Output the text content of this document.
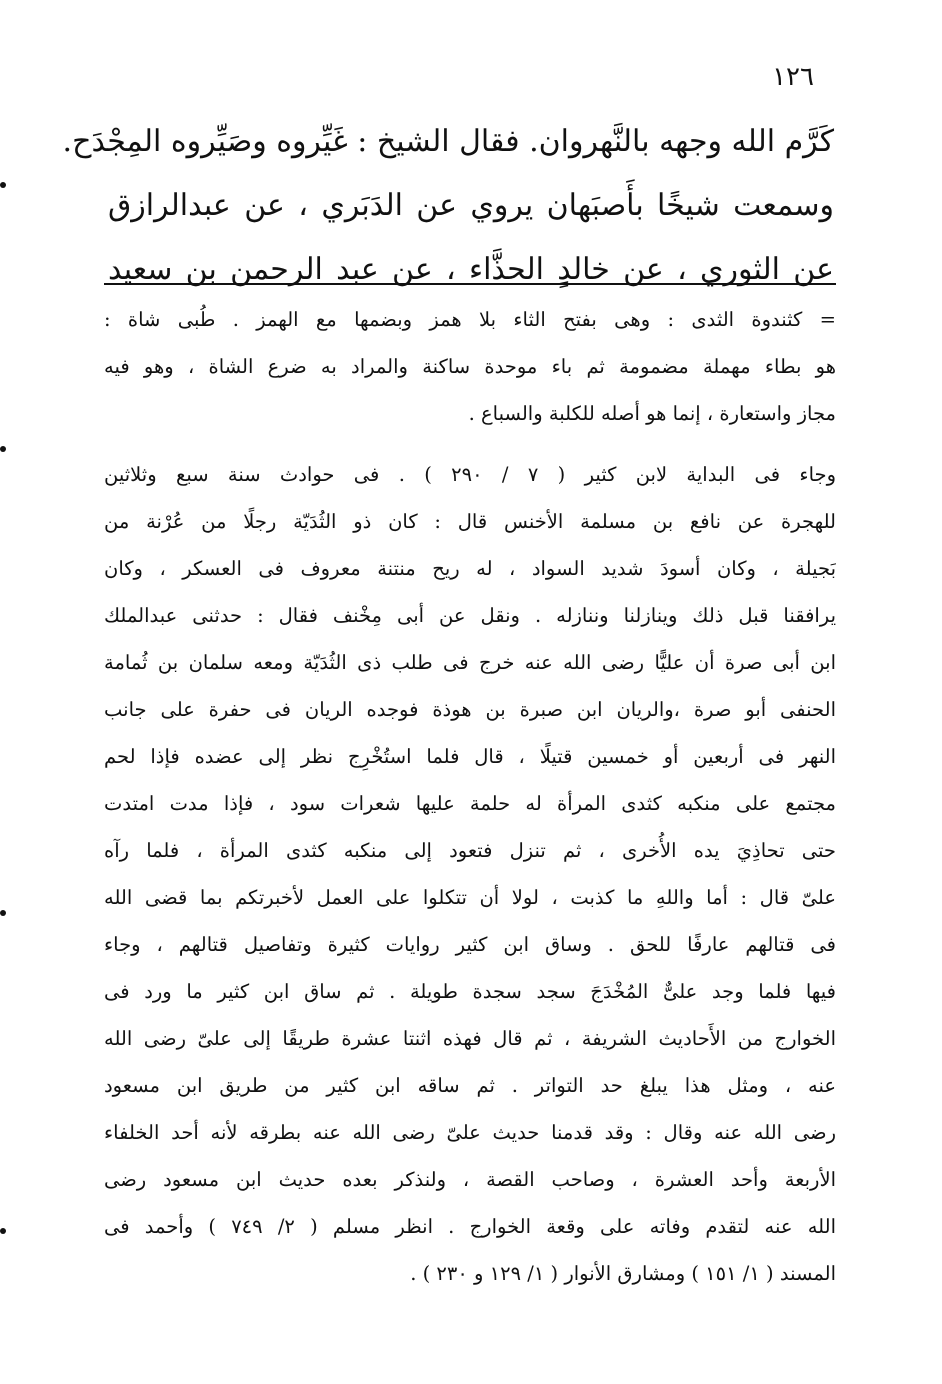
١٢٦
كَرَّم الله وجهه بالنَّهروان. فقال الشيخ : غَيِّروه وصَيِّروه المِجْدَح.
وسمعت شيخًا بأَصبَهان يروي عن الدَبَري ، عن عبدالرازق
عن الثوري ، عن خالدٍ الحذَّاء ، عن عبد الرحمن بن سعيد
= كثندوة الثدى : وهى بفتح الثاء بلا همز وبضمها مع الهمز . طُبى شاة :
هو بطاء مهملة مضمومة ثم باء موحدة ساكنة والمراد به ضرع الشاة ، وهو فيه
مجاز واستعارة ، إنما هو أصله للكلبة والسباع .
وجاء فى البداية لابن كثير ( ٧ / ٢٩٠ ) . فى حوادث سنة سبع وثلاثين
للهجرة عن نافع بن مسلمة الأخنس قال : كان ذو الثُدَيّة رجلًا من عُرْنة من
بَجيلة ، وكان أسودَ شديد السواد ، له ريح منتنة معروف فى العسكر ، وكان
يرافقنا قبل ذلك وينازلنا وننازله . ونقل عن أبى مِخْنف فقال : حدثنى عبدالملك
ابن أبى صرة أن عليًّا رضى الله عنه خرج فى طلب ذى الثُدَيّة ومعه سلمان بن ثُمامة
الحنفى أبو صرة ،والريان ابن صبرة بن هوذة فوجده الريان فى حفرة على جانب
النهر فى أربعين أو خمسين قتيلًا ، قال فلما استُخْرِج نظر إلى عضده فإذا لحم
مجتمع على منكبه كثدى المرأة له حلمة عليها شعرات سود ، فإذا مدت امتدت
حتى تحاذِيَ يده الأُخرى ، ثم تنزل فتعود إلى منكبه كثدى المرأة ، فلما رآه
علىّ قال : أما واللهِ ما كذبت ، لولا أن تتكلوا على العمل لأخبرتكم بما قضى الله
فى قتالهم عارفًا للحق . وساق ابن كثير روايات كثيرة وتفاصيل قتالهم ، وجاء
فيها فلما وجد علىٌّ المُخْدَجَ سجد سجدة طويلة . ثم ساق ابن كثير ما ورد فى
الخوارج من الأَحاديث الشريفة ، ثم قال فهذه اثنتا عشرة طريقًا إلى علىّ رضى الله
عنه ، ومثل هذا يبلغ حد التواتر . ثم ساقه ابن كثير من طريق ابن مسعود
رضى الله عنه وقال : وقد قدمنا حديث علىّ رضى الله عنه بطرقه لأنه أحد الخلفاء
الأربعة وأحد العشرة ، وصاحب القصة ، ولنذكر بعده حديث ابن مسعود رضى
الله عنه لتقدم وفاته على وقعة الخوارج . انظر مسلم ( ٢/ ٧٤٩ ) وأحمد فى
المسند ( ١/ ١٥١ ) ومشارق الأنوار ( ١/ ١٢٩ و ٢٣٠ ) .
